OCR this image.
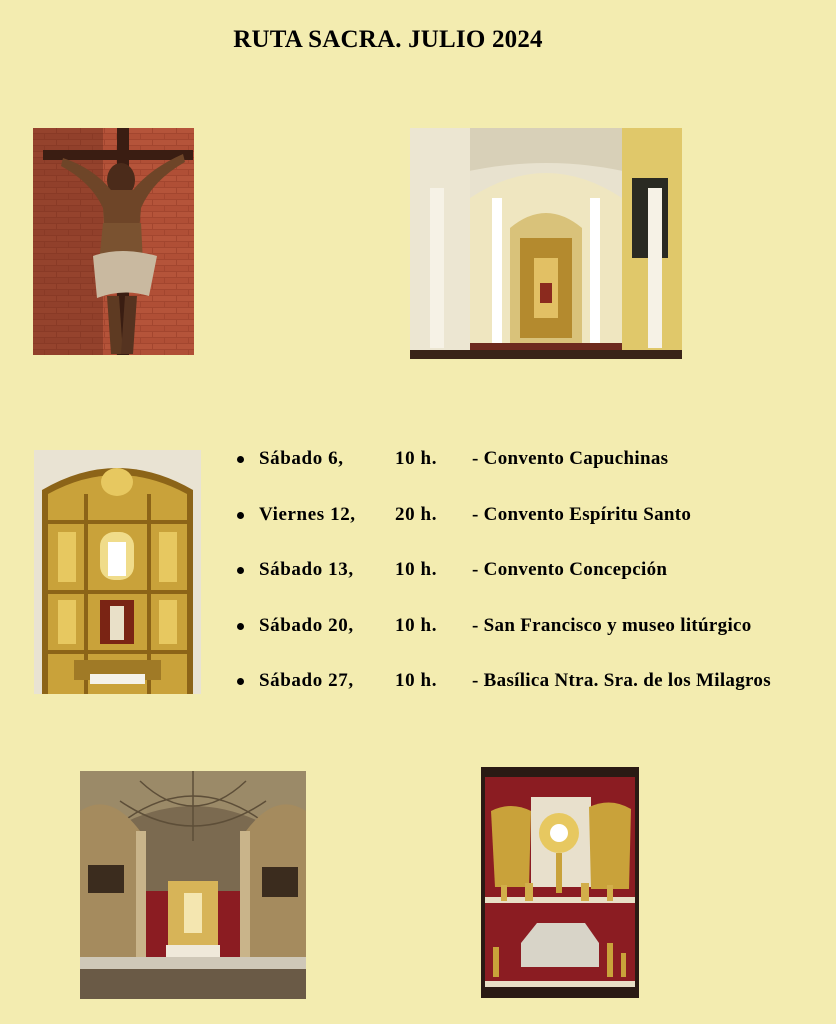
RUTA SACRA. JULIO 2024
Sábado 6,	10 h. - Convento Capuchinas
Viernes 12, 20 h. - Convento Espíritu Santo
Sábado 13, 10 h. - Convento Concepción
Sábado 20, 10 h. - San Francisco y museo litúrgico
Sábado 27, 10 h. - Basílica Ntra. Sra. de los Milagros
